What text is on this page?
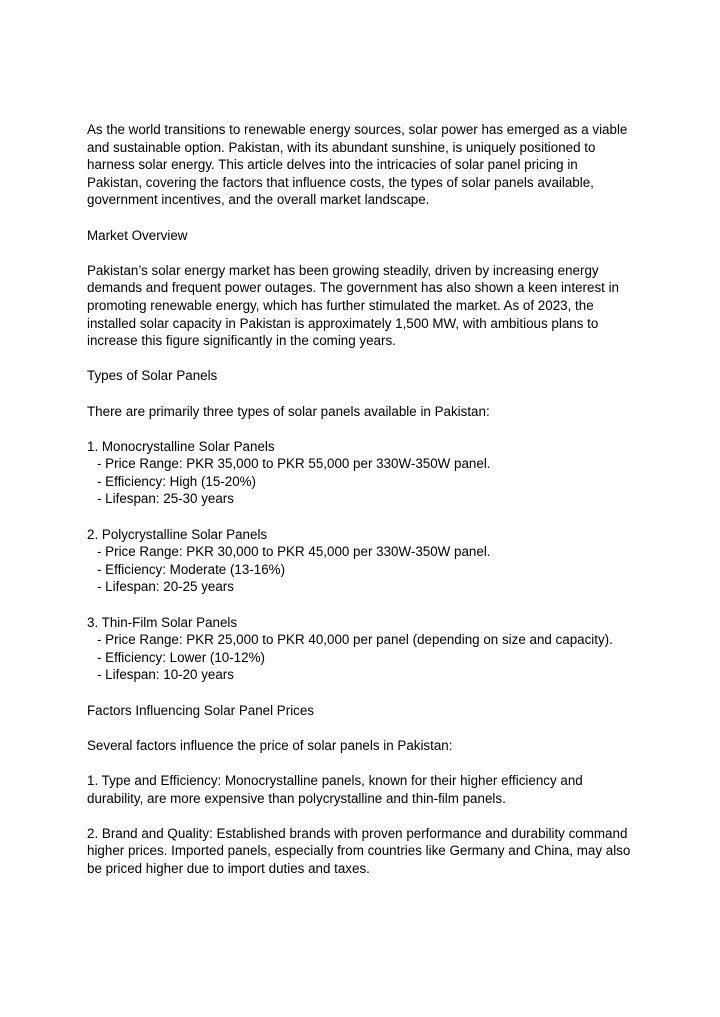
As the world transitions to renewable energy sources, solar power has emerged as a viable

and sustainable option. Pakistan, with its abundant sunshine, is uniquely positioned to

harness solar energy. This article delves into the intricacies of solar panel pricing in

Pakistan, covering the factors that influence costs, the types of solar panels available,

government incentives, and the overall market landscape.

Market Overview

Pakistan’s solar energy market has been growing steadily, driven by increasing energy

demands and frequent power outages. The government has also shown a keen interest in

promoting renewable energy, which has further stimulated the market. As of 2023, the

installed solar capacity in Pakistan is approximately 1,500 MW, with ambitious plans to

increase this figure significantly in the coming years.

Types of Solar Panels

There are primarily three types of solar panels available in Pakistan:

1. Monocrystalline Solar Panels

- Price Range: PKR 35,000 to PKR 55,000 per 330W-350W panel.

- Efficiency: High (15-20%)

- Lifespan: 25-30 years

2. Polycrystalline Solar Panels

- Price Range: PKR 30,000 to PKR 45,000 per 330W-350W panel.

- Efficiency: Moderate (13-16%)

- Lifespan: 20-25 years

3. Thin-Film Solar Panels

- Price Range: PKR 25,000 to PKR 40,000 per panel (depending on size and capacity).

- Efficiency: Lower (10-12%)

- Lifespan: 10-20 years

Factors Influencing Solar Panel Prices

Several factors influence the price of solar panels in Pakistan:

1. Type and Efficiency: Monocrystalline panels, known for their higher efficiency and

durability, are more expensive than polycrystalline and thin-film panels.

2. Brand and Quality: Established brands with proven performance and durability command

higher prices. Imported panels, especially from countries like Germany and China, may also

be priced higher due to import duties and taxes.
